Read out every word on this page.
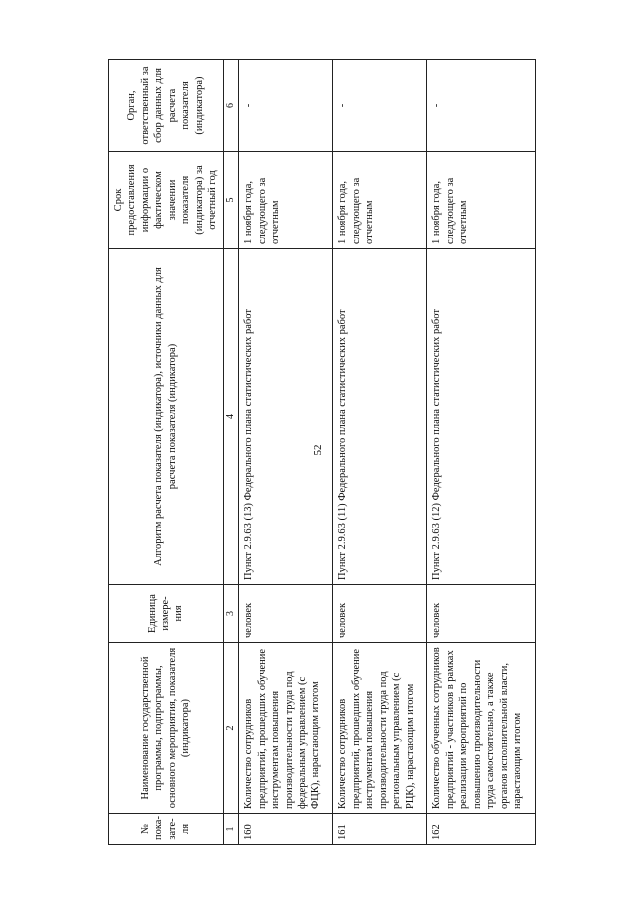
52
№ пока-зате-ля	Наименование государственной программы, подпрограммы, основного мероприятия, показателя (индикатора)	Единица измере-ния	Алгоритм расчета показателя (индикатора), источники данных для расчета показателя (индикатора)	Срок предоставления информации о фактическом значении показателя (индикатора) за отчетный год	Орган, ответственный за сбор данных для расчета показателя (индикатора)
1	2	3	4	5	6
160	Количество сотрудников предприятий, прошедших обучение инструментам повышения производительности труда под федеральным управлением (с ФЦК), нарастающим итогом	человек	Пункт 2.9.63 (13) Федерального плана статистических работ	1 ноября года, следующего за отчетным	-
161	Количество сотрудников предприятий, прошедших обучение инструментам повышения производительности труда под региональным управлением (с РЦК), нарастающим итогом	человек	Пункт 2.9.63 (11) Федерального плана статистических работ	1 ноября года, следующего за отчетным	-
162	Количество обученных сотрудников предприятий - участников в рамках реализации мероприятий по повышению производительности труда самостоятельно, а также органов исполнительной власти, нарастающим итогом	человек	Пункт 2.9.63 (12) Федерального плана статистических работ	1 ноября года, следующего за отчетным	-
